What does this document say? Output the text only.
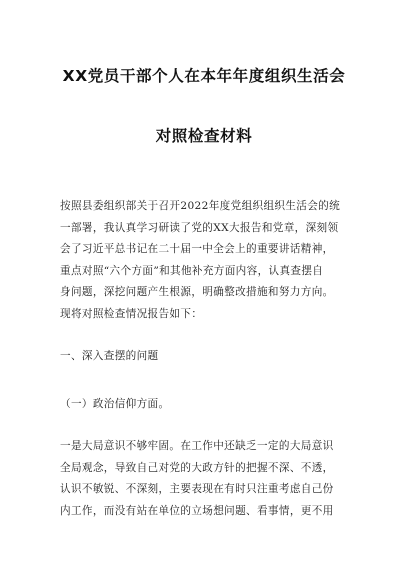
XX党员干部个人在本年年度组织生活会
对照检查材料
按照县委组织部关于召开2022年度党组织组织生活会的统
一部署，我认真学习研读了党的XX大报告和党章，深刻领
会了习近平总书记在二十届一中全会上的重要讲话精神，
重点对照“六个方面”和其他补充方面内容，认真查摆自
身问题，深挖问题产生根源，明确整改措施和努力方向。
现将对照检查情况报告如下：
一、深入查摆的问题
（一）政治信仰方面。
一是大局意识不够牢固。在工作中还缺乏一定的大局意识
全局观念，导致自己对党的大政方针的把握不深、不透，
认识不敏锐、不深刻，主要表现在有时只注重考虑自己份
内工作，而没有站在单位的立场想问题、看事情，更不用
